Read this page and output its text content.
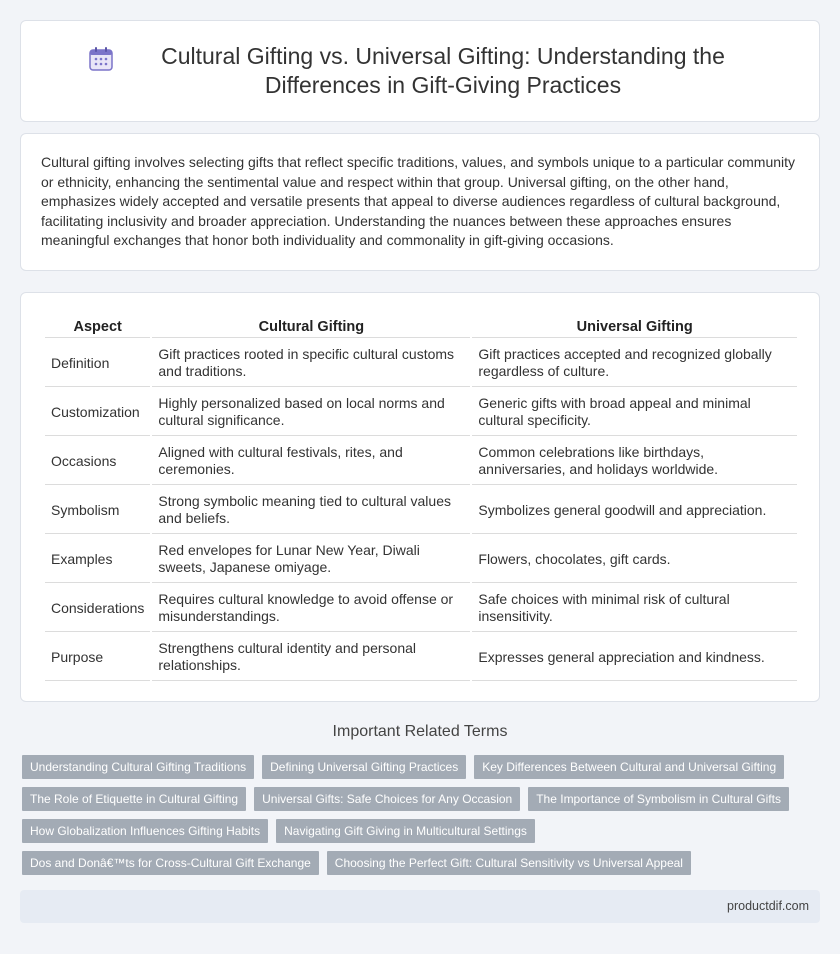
Cultural Gifting vs. Universal Gifting: Understanding the Differences in Gift-Giving Practices

Cultural gifting involves selecting gifts that reflect specific traditions, values, and symbols unique to a particular community or ethnicity, enhancing the sentimental value and respect within that group. Universal gifting, on the other hand, emphasizes widely accepted and versatile presents that appeal to diverse audiences regardless of cultural background, facilitating inclusivity and broader appreciation. Understanding the nuances between these approaches ensures meaningful exchanges that honor both individuality and commonality in gift-giving occasions.

Aspect	Cultural Gifting	Universal Gifting
Definition	Gift practices rooted in specific cultural customs and traditions.	Gift practices accepted and recognized globally regardless of culture.
Customization	Highly personalized based on local norms and cultural significance.	Generic gifts with broad appeal and minimal cultural specificity.
Occasions	Aligned with cultural festivals, rites, and ceremonies.	Common celebrations like birthdays, anniversaries, and holidays worldwide.
Symbolism	Strong symbolic meaning tied to cultural values and beliefs.	Symbolizes general goodwill and appreciation.
Examples	Red envelopes for Lunar New Year, Diwali sweets, Japanese omiyage.	Flowers, chocolates, gift cards.
Considerations	Requires cultural knowledge to avoid offense or misunderstandings.	Safe choices with minimal risk of cultural insensitivity.
Purpose	Strengthens cultural identity and personal relationships.	Expresses general appreciation and kindness.
Important Related Terms
Understanding Cultural Gifting Traditions	Defining Universal Gifting Practices	Key Differences Between Cultural and Universal Gifting
The Role of Etiquette in Cultural Gifting	Universal Gifts: Safe Choices for Any Occasion	The Importance of Symbolism in Cultural Gifts
How Globalization Influences Gifting Habits	Navigating Gift Giving in Multicultural Settings
Dos and Donâ€™ts for Cross-Cultural Gift Exchange	Choosing the Perfect Gift: Cultural Sensitivity vs Universal Appeal
productdif.com
